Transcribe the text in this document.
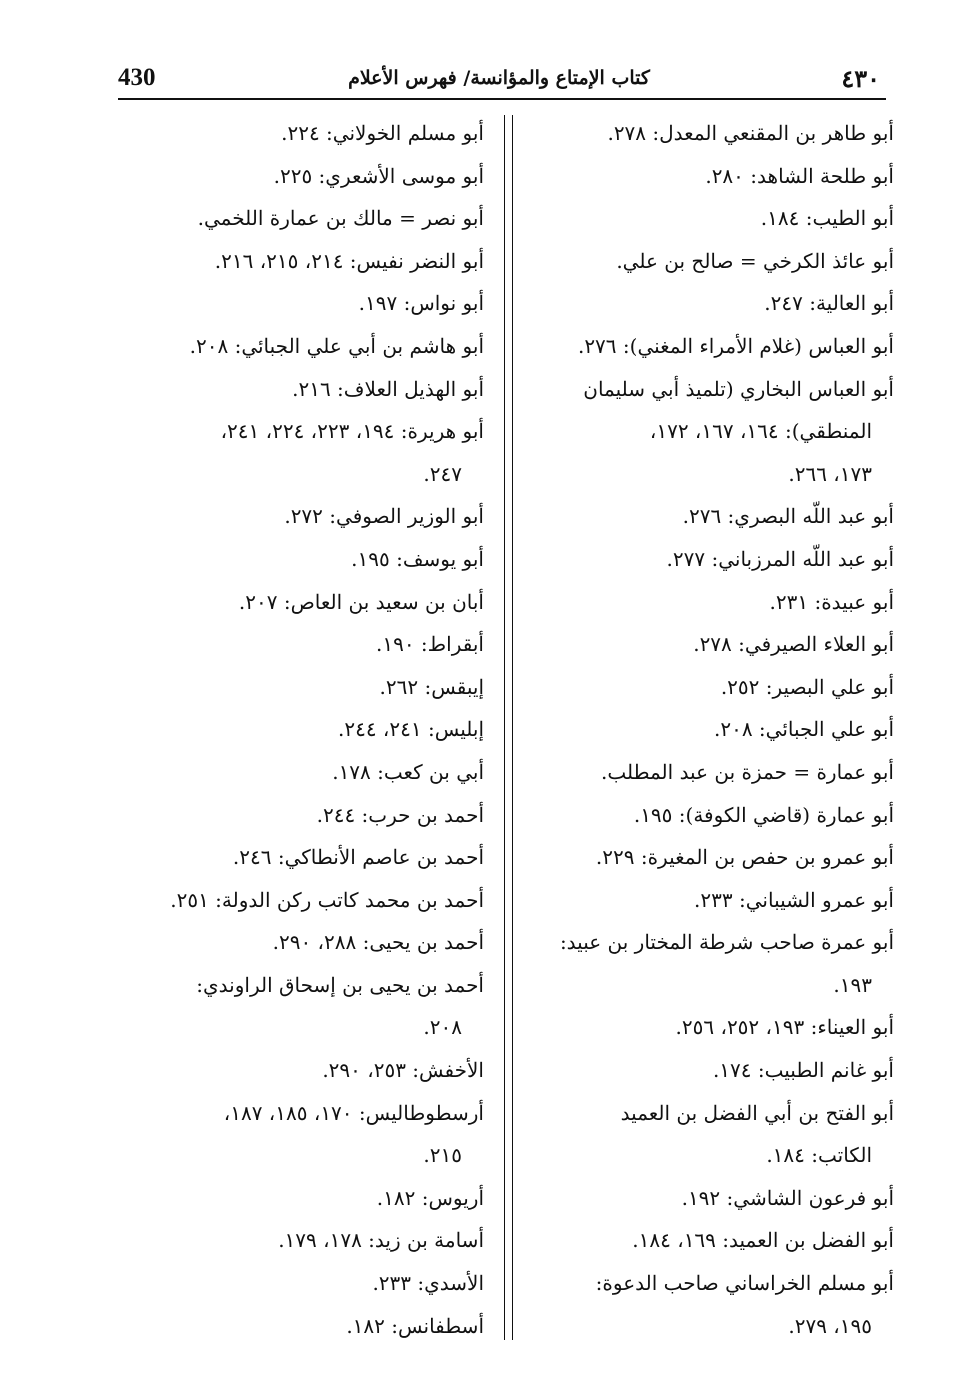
430	كتاب الإمتاع والمؤانسة/ فهرس الأعلام	٤٣٠
أبو طاهر بن المقنعي المعدل: ٢٧٨.
أبو طلحة الشاهد: ٢٨٠.
أبو الطيب: ١٨٤.
أبو عائذ الكرخي = صالح بن علي.
أبو العالية: ٢٤٧.
أبو العباس (غلام الأمراء المغني): ٢٧٦.
أبو العباس البخاري (تلميذ أبي سليمان
المنطقي): ١٦٤، ١٦٧، ١٧٢،
١٧٣، ٢٦٦.
أبو عبد اللّه البصري: ٢٧٦.
أبو عبد اللّه المرزباني: ٢٧٧.
أبو عبيدة: ٢٣١.
أبو العلاء الصيرفي: ٢٧٨.
أبو علي البصير: ٢٥٢.
أبو علي الجبائي: ٢٠٨.
أبو عمارة = حمزة بن عبد المطلب.
أبو عمارة (قاضي الكوفة): ١٩٥.
أبو عمرو بن حفص بن المغيرة: ٢٢٩.
أبو عمرو الشيباني: ٢٣٣.
أبو عمرة صاحب شرطة المختار بن عبيد:
١٩٣.
أبو العيناء: ١٩٣، ٢٥٢، ٢٥٦.
أبو غانم الطبيب: ١٧٤.
أبو الفتح بن أبي الفضل بن العميد
الكاتب: ١٨٤.
أبو فرعون الشاشي: ١٩٢.
أبو الفضل بن العميد: ١٦٩، ١٨٤.
أبو مسلم الخراساني صاحب الدعوة:
١٩٥، ٢٧٩.
أبو مسلم الخولاني: ٢٢٤.
أبو موسى الأشعري: ٢٢٥.
أبو نصر = مالك بن عمارة اللخمي.
أبو النضر نفيس: ٢١٤، ٢١٥، ٢١٦.
أبو نواس: ١٩٧.
أبو هاشم بن أبي علي الجبائي: ٢٠٨.
أبو الهذيل العلاف: ٢١٦.
أبو هريرة: ١٩٤، ٢٢٣، ٢٢٤، ٢٤١،
٢٤٧.
أبو الوزير الصوفي: ٢٧٢.
أبو يوسف: ١٩٥.
أبان بن سعيد بن العاص: ٢٠٧.
أبقراط: ١٩٠.
إيبقس: ٢٦٢.
إبليس: ٢٤١، ٢٤٤.
أبي بن كعب: ١٧٨.
أحمد بن حرب: ٢٤٤.
أحمد بن عاصم الأنطاكي: ٢٤٦.
أحمد بن محمد كاتب ركن الدولة: ٢٥١.
أحمد بن يحيى: ٢٨٨، ٢٩٠.
أحمد بن يحيى بن إسحاق الراوندي:
٢٠٨.
الأخفش: ٢٥٣، ٢٩٠.
أرسطوطاليس: ١٧٠، ١٨٥، ١٨٧،
٢١٥.
أريوس: ١٨٢.
أسامة بن زيد: ١٧٨، ١٧٩.
الأسدي: ٢٣٣.
أسطفانس: ١٨٢.
